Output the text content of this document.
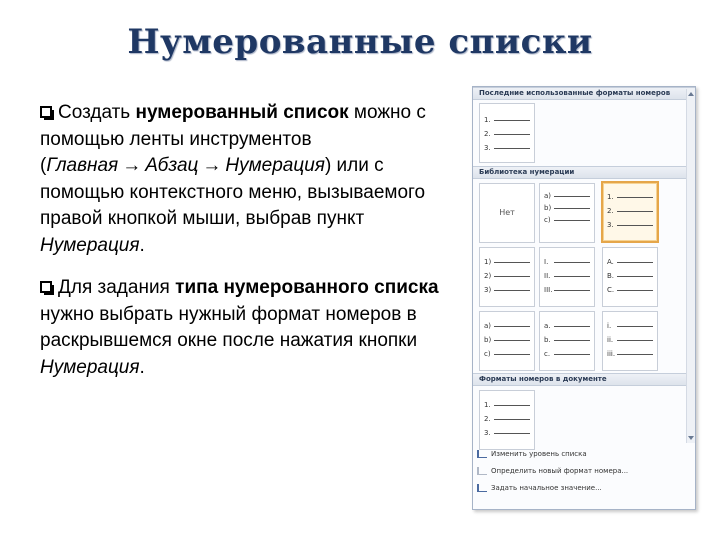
Нумерованные списки

Создать нумерованный список можно с помощью ленты инструментов (Главная → Абзац → Нумерация) или с помощью контекстного меню, вызываемого правой кнопкой мыши, выбрав пункт Нумерация.

Для задания типа нумерованного списка нужно выбрать нужный формат номеров в раскрывшемся окне после нажатия кнопки Нумерация.

Последние использованные форматы номеров
1.
2.
3.
Библиотека нумерации
Нет
a)
b)
c)
1.
2.
3.
1)
2)
3)
I.
II.
III.
A.
B.
C.
a)
b)
c)
a.
b.
c.
i.
ii.
iii.
Форматы номеров в документе
1.
2.
3.
Изменить уровень списка
Определить новый формат номера...
Задать начальное значение...
